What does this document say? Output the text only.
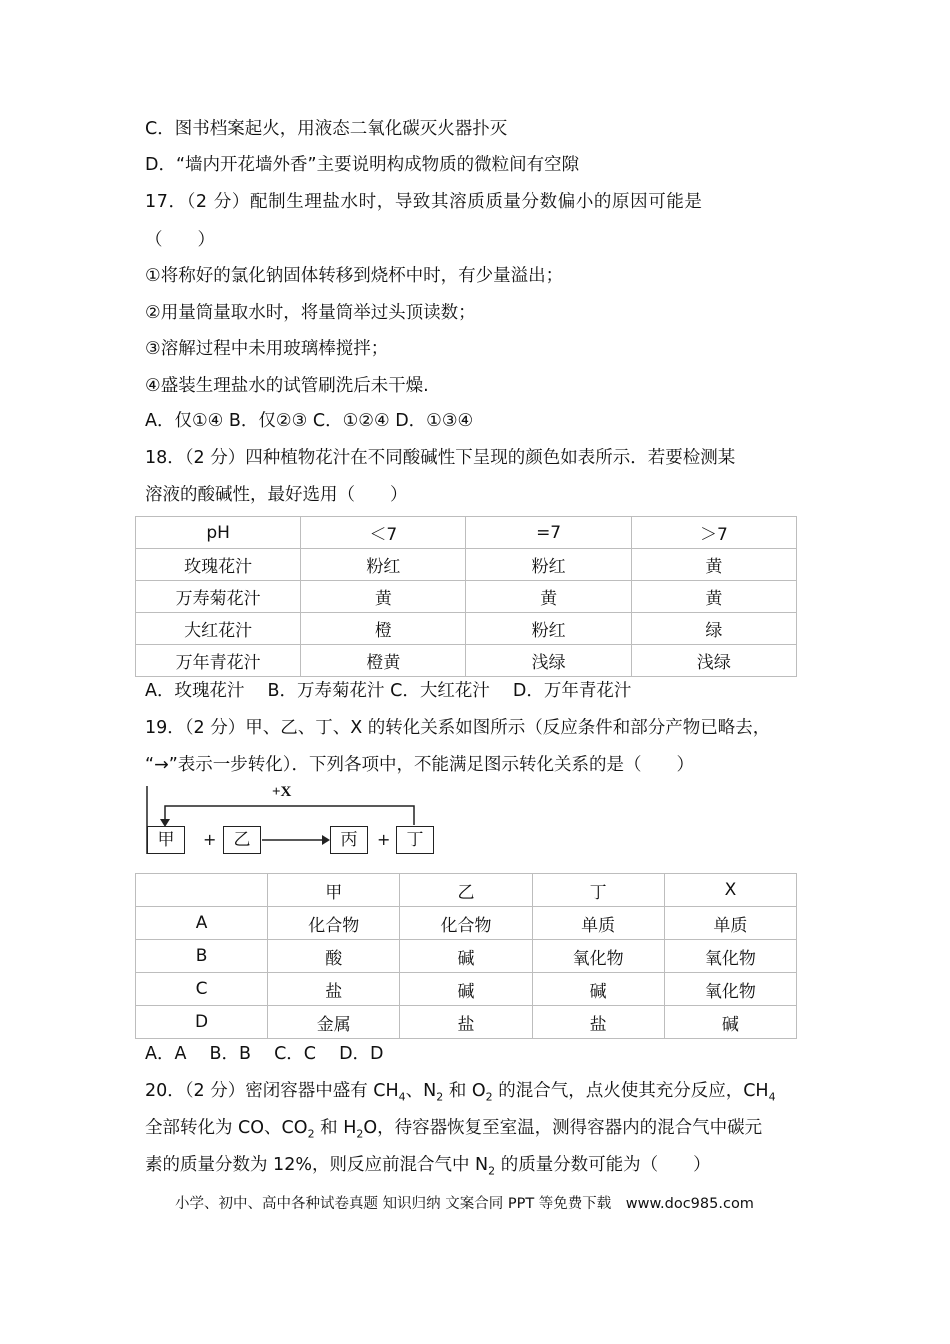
C．图书档案起火，用液态二氧化碳灭火器扑灭
D．“墙内开花墙外香”主要说明构成物质的微粒间有空隙
17．（2 分）配制生理盐水时，导致其溶质质量分数偏小的原因可能是
（　　）
①将称好的氯化钠固体转移到烧杯中时，有少量溢出；
②用量筒量取水时，将量筒举过头顶读数；
③溶解过程中未用玻璃棒搅拌；
④盛装生理盐水的试管刷洗后未干燥.
A．仅①④ B．仅②③ C．①②④ D．①③④
18．（2 分）四种植物花汁在不同酸碱性下呈现的颜色如表所示．若要检测某
溶液的酸碱性，最好选用（　　）
pH	＜7	=7	＞7
玫瑰花汁	粉红	粉红	黄
万寿菊花汁	黄	黄	黄
大红花汁	橙	粉红	绿
万年青花汁	橙黄	浅绿	浅绿
A．玫瑰花汁　 B．万寿菊花汁 C．大红花汁　 D．万年青花汁
19．（2 分）甲、乙、丁、X 的转化关系如图所示（反应条件和部分产物已略去，
“→”表示一步转化）．下列各项中，不能满足图示转化关系的是（　　）
+X
甲	+	乙	丙	+ 丁
	甲	乙	丁	X
A	化合物	化合物	单质	单质
B	酸	碱	氧化物	氧化物
C	盐	碱	碱	氧化物
D	金属	盐	盐	碱
A．A　 B．B　 C．C　 D．D
20．（2 分）密闭容器中盛有 $CH_4$、$N_2$ 和 $O_2$ 的混合气，点火使其充分反应，$CH_4$
全部转化为 CO、$CO_2$ 和 $H_2O$，待容器恢复至室温，测得容器内的混合气中碳元
素的质量分数为 12%，则反应前混合气中 $N_2$ 的质量分数可能为（　　）
小学、初中、高中各种试卷真题 知识归纳 文案合同 PPT 等免费下载　www.doc985.com
